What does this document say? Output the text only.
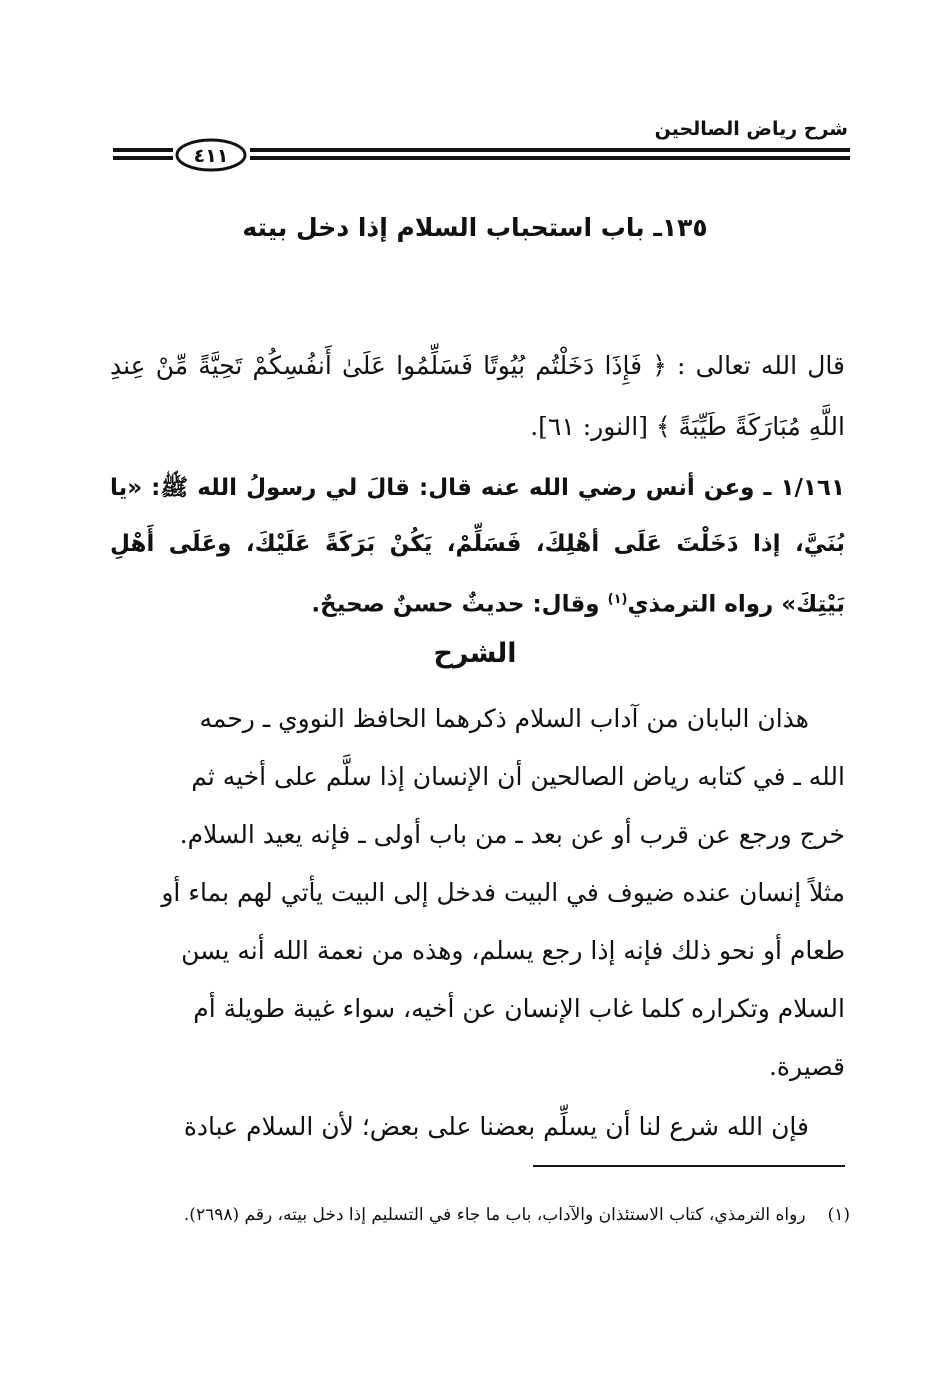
شرح رياض الصالحين
٤١١
١٣٥ـ باب استحباب السلام إذا دخل بيته

قال الله تعالى : ﴿ فَإِذَا دَخَلْتُم بُيُوتًا فَسَلِّمُوا عَلَىٰ أَنفُسِكُمْ تَحِيَّةً مِّنْ عِندِ اللَّهِ مُبَارَكَةً طَيِّبَةً ﴾ [النور: ٦١].

١/١٦١ ـ وعن أنس رضي الله عنه قال: قالَ لي رسولُ الله ﷺ: «يا بُنَيَّ، إذا دَخَلْتَ عَلَى أهْلِكَ، فَسَلِّمْ، يَكُنْ بَرَكَةً عَلَيْكَ، وعَلَى أَهْلِ بَيْتِكَ» رواه الترمذي$^{(١)}$ وقال: حديثٌ حسنٌ صحيحٌ.

الشرح
هذان البابان من آداب السلام ذكرهما الحافظ النووي ـ رحمه
الله ـ في كتابه رياض الصالحين أن الإنسان إذا سلَّم على أخيه ثم
خرج ورجع عن قرب أو عن بعد ـ من باب أولى ـ فإنه يعيد السلام.
مثلاً إنسان عنده ضيوف في البيت فدخل إلى البيت يأتي لهم بماء أو
طعام أو نحو ذلك فإنه إذا رجع يسلم، وهذه من نعمة الله أنه يسن
السلام وتكراره كلما غاب الإنسان عن أخيه، سواء غيبة طويلة أم
قصيرة.

فإن الله شرع لنا أن يسلِّم بعضنا على بعض؛ لأن السلام عبادة

(١)رواه الترمذي، كتاب الاستئذان والآداب، باب ما جاء في التسليم إذا دخل بيته، رقم (٢٦٩٨).
